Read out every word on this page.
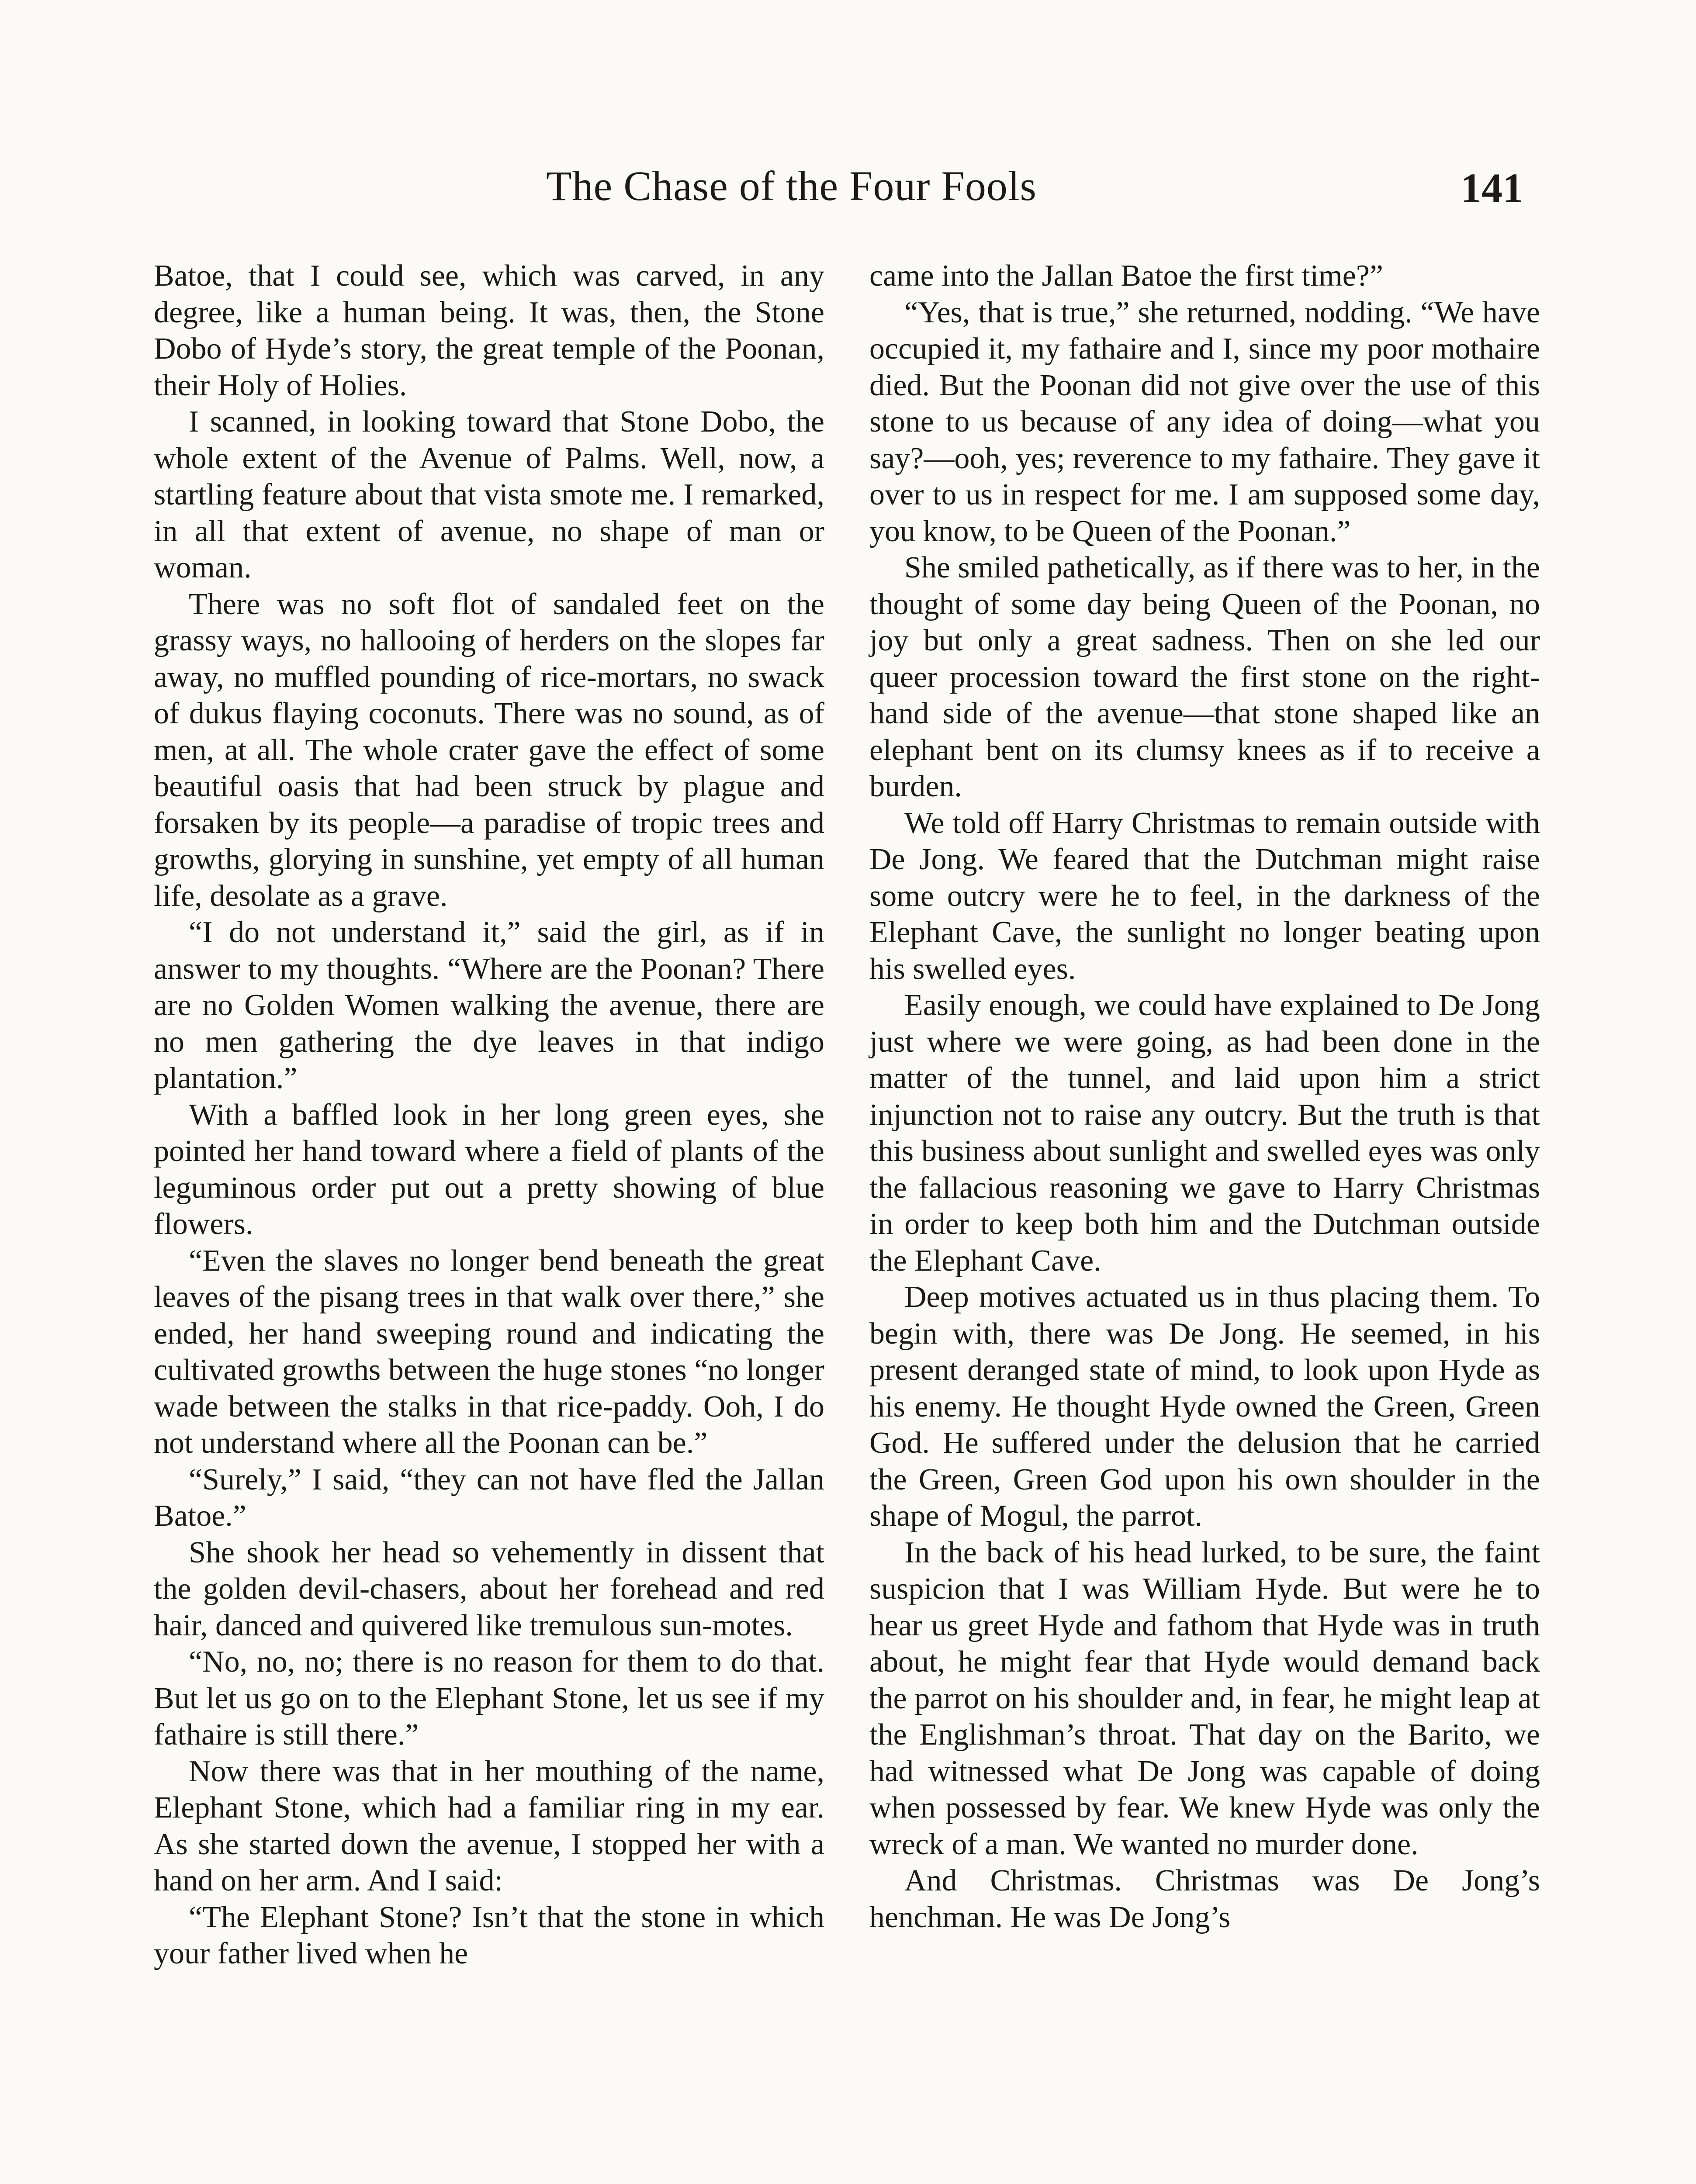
The Chase of the Four Fools	141

Batoe, that I could see, which was carved, in any degree, like a human being. It was, then, the Stone Dobo of Hyde’s story, the great temple of the Poonan, their Holy of Holies.

I scanned, in looking toward that Stone Dobo, the whole extent of the Avenue of Palms. Well, now, a startling feature about that vista smote me. I remarked, in all that extent of avenue, no shape of man or woman.

There was no soft flot of sandaled feet on the grassy ways, no hallooing of herders on the slopes far away, no muffled pounding of rice-mortars, no swack of dukus flaying coconuts. There was no sound, as of men, at all. The whole crater gave the effect of some beautiful oasis that had been struck by plague and forsaken by its people—a paradise of tropic trees and growths, glorying in sunshine, yet empty of all human life, desolate as a grave.

“I do not understand it,” said the girl, as if in answer to my thoughts. “Where are the Poonan? There are no Golden Women walking the avenue, there are no men gathering the dye leaves in that indigo plantation.”

With a baffled look in her long green eyes, she pointed her hand toward where a field of plants of the leguminous order put out a pretty showing of blue flowers.

“Even the slaves no longer bend beneath the great leaves of the pisang trees in that walk over there,” she ended, her hand sweeping round and indicating the cultivated growths between the huge stones “no longer wade between the stalks in that rice-paddy. Ooh, I do not understand where all the Poonan can be.”

“Surely,” I said, “they can not have fled the Jallan Batoe.”

She shook her head so vehemently in dissent that the golden devil-chasers, about her forehead and red hair, danced and quivered like tremulous sun-motes.

“No, no, no; there is no reason for them to do that. But let us go on to the Elephant Stone, let us see if my fathaire is still there.”

Now there was that in her mouthing of the name, Elephant Stone, which had a familiar ring in my ear. As she started down the avenue, I stopped her with a hand on her arm. And I said:

“The Elephant Stone? Isn’t that the stone in which your father lived when he

came into the Jallan Batoe the first time?”

“Yes, that is true,” she returned, nodding. “We have occupied it, my fathaire and I, since my poor mothaire died. But the Poonan did not give over the use of this stone to us because of any idea of doing—what you say?—ooh, yes; reverence to my fathaire. They gave it over to us in respect for me. I am supposed some day, you know, to be Queen of the Poonan.”

She smiled pathetically, as if there was to her, in the thought of some day being Queen of the Poonan, no joy but only a great sadness. Then on she led our queer procession toward the first stone on the right-hand side of the avenue—that stone shaped like an elephant bent on its clumsy knees as if to receive a burden.

We told off Harry Christmas to remain outside with De Jong. We feared that the Dutchman might raise some outcry were he to feel, in the darkness of the Elephant Cave, the sunlight no longer beating upon his swelled eyes.

Easily enough, we could have explained to De Jong just where we were going, as had been done in the matter of the tunnel, and laid upon him a strict injunction not to raise any outcry. But the truth is that this business about sunlight and swelled eyes was only the fallacious reasoning we gave to Harry Christmas in order to keep both him and the Dutchman outside the Elephant Cave.

Deep motives actuated us in thus placing them. To begin with, there was De Jong. He seemed, in his present deranged state of mind, to look upon Hyde as his enemy. He thought Hyde owned the Green, Green God. He suffered under the delusion that he carried the Green, Green God upon his own shoulder in the shape of Mogul, the parrot.

In the back of his head lurked, to be sure, the faint suspicion that I was William Hyde. But were he to hear us greet Hyde and fathom that Hyde was in truth about, he might fear that Hyde would demand back the parrot on his shoulder and, in fear, he might leap at the Englishman’s throat. That day on the Barito, we had witnessed what De Jong was capable of doing when possessed by fear. We knew Hyde was only the wreck of a man. We wanted no murder done.

And Christmas. Christmas was De Jong’s henchman. He was De Jong’s
